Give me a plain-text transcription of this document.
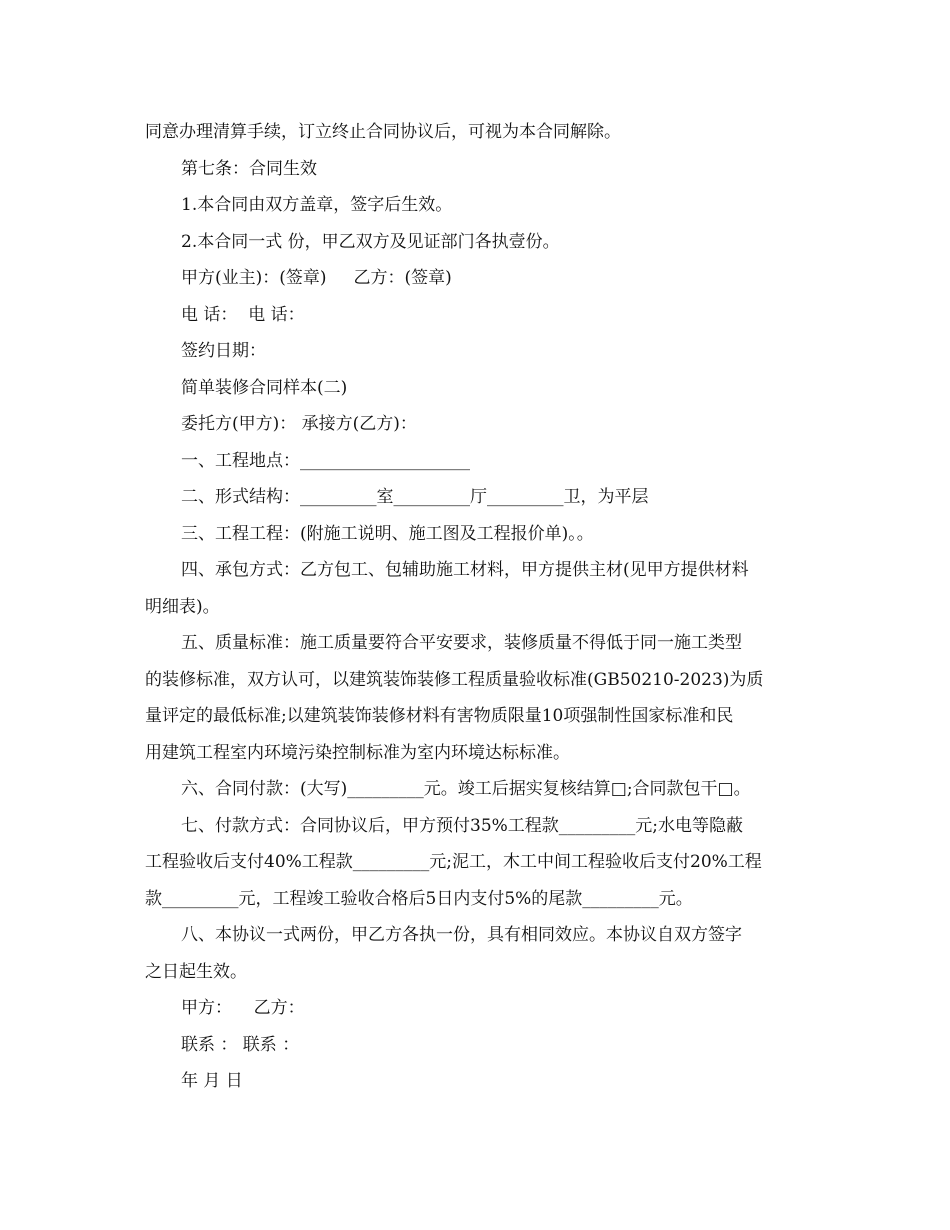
同意办理清算手续，订立终止合同协议后，可视为本合同解除。

第七条：合同生效

1.本合同由双方盖章，签字后生效。

2.本合同一式 份，甲乙双方及见证部门各执壹份。

甲方(业主)：(签章)     乙方：(签章)

电 话：  电 话：

签约日期：

简单装修合同样本(二)

委托方(甲方)： 承接方(乙方)：

一、工程地点：____________________

二、形式结构：_________室_________厅_________卫，为平层

三、工程工程：(附施工说明、施工图及工程报价单)。。

四、承包方式：乙方包工、包辅助施工材料，甲方提供主材(见甲方提供材料
明细表)。
五、质量标准：施工质量要符合平安要求，装修质量不得低于同一施工类型
的装修标准，双方认可，以建筑装饰装修工程质量验收标准(GB50210-2023)为质
量评定的最低标准;以建筑装饰装修材料有害物质限量10项强制性国家标准和民
用建筑工程室内环境污染控制标准为室内环境达标标准。

六、合同付款：(大写)_________元。竣工后据实复核结算□;合同款包干□。

七、付款方式：合同协议后，甲方预付35%工程款_________元;水电等隐蔽
工程验收后支付40%工程款_________元;泥工，木工中间工程验收后支付20%工程
款_________元，工程竣工验收合格后5日内支付5%的尾款_________元。
八、本协议一式两份，甲乙方各执一份，具有相同效应。本协议自双方签字
之日起生效。

甲方：    乙方：

联系 ： 联系 ：

年 月 日
